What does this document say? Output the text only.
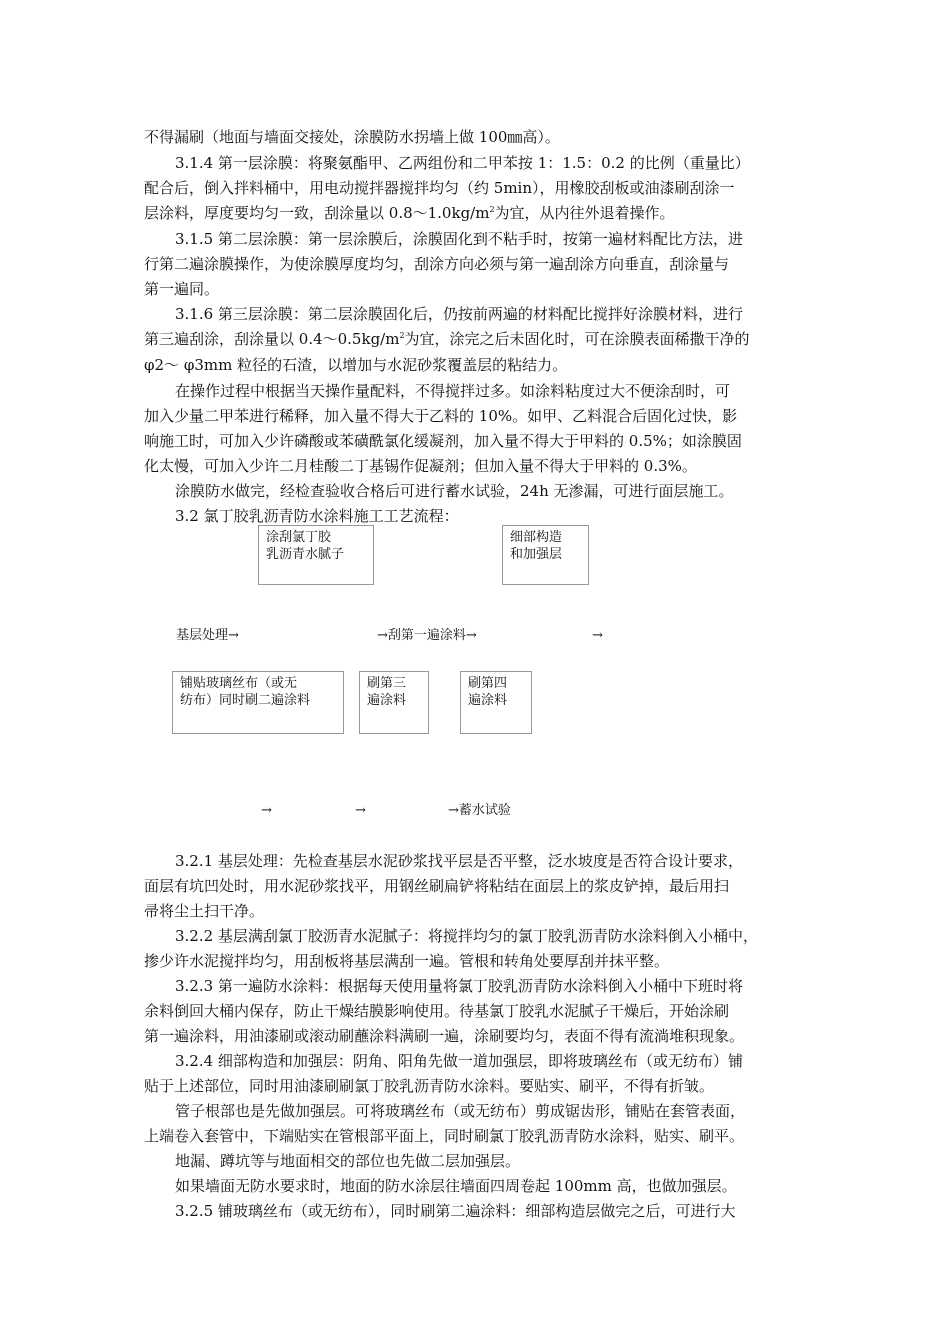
不得漏刷（地面与墙面交接处，涂膜防水拐墙上做 100㎜高）。
3.1.4 第一层涂膜：将聚氨酯甲、乙两组份和二甲苯按 1：1.5：0.2 的比例（重量比）
配合后，倒入拌料桶中，用电动搅拌器搅拌均匀（约 5min），用橡胶刮板或油漆刷刮涂一
层涂料，厚度要均匀一致，刮涂量以 $0.8\sim 1.0kg/m^2$为宜，从内往外退着操作。
3.1.5 第二层涂膜：第一层涂膜后，涂膜固化到不粘手时，按第一遍材料配比方法，进
行第二遍涂膜操作，为使涂膜厚度均匀，刮涂方向必须与第一遍刮涂方向垂直，刮涂量与
第一遍同。
3.1.6 第三层涂膜：第二层涂膜固化后，仍按前两遍的材料配比搅拌好涂膜材料，进行
第三遍刮涂，刮涂量以 $0.4\sim 0.5kg/m^2$为宜，涂完之后未固化时，可在涂膜表面稀撒干净的
φ2～ φ3mm 粒径的石渣，以增加与水泥砂浆覆盖层的粘结力。
在操作过程中根据当天操作量配料，不得搅拌过多。如涂料粘度过大不便涂刮时，可
加入少量二甲苯进行稀释，加入量不得大于乙料的 10%。如甲、乙料混合后固化过快，影
响施工时，可加入少许磷酸或苯磺酰氯化缓凝剂，加入量不得大于甲料的 0.5%；如涂膜固
化太慢，可加入少许二月桂酸二丁基锡作促凝剂；但加入量不得大于甲料的 0.3%。
涂膜防水做完，经检查验收合格后可进行蓄水试验，24h 无渗漏，可进行面层施工。
3.2 氯丁胶乳沥青防水涂料施工工艺流程：
涂刮氯丁胶
乳沥青水腻子
细部构造
和加强层
基层处理→	→刮第一遍涂料→	→
铺贴玻璃丝布（或无
纺布）同时刷二遍涂料
刷第三
遍涂料
刷第四
遍涂料
→	→	→蓄水试验
3.2.1 基层处理：先检查基层水泥砂浆找平层是否平整，泛水坡度是否符合设计要求，
面层有坑凹处时，用水泥砂浆找平，用钢丝刷扁铲将粘结在面层上的浆皮铲掉，最后用扫
帚将尘土扫干净。
3.2.2 基层满刮氯丁胶沥青水泥腻子：将搅拌均匀的氯丁胶乳沥青防水涂料倒入小桶中，
掺少许水泥搅拌均匀，用刮板将基层满刮一遍。管根和转角处要厚刮并抹平整。
3.2.3 第一遍防水涂料：根据每天使用量将氯丁胶乳沥青防水涂料倒入小桶中下班时将
余料倒回大桶内保存，防止干燥结膜影响使用。待基氯丁胶乳水泥腻子干燥后，开始涂刷
第一遍涂料，用油漆刷或滚动刷蘸涂料满刷一遍，涂刷要均匀，表面不得有流淌堆积现象。
3.2.4 细部构造和加强层：阴角、阳角先做一道加强层，即将玻璃丝布（或无纺布）铺
贴于上述部位，同时用油漆刷刷氯丁胶乳沥青防水涂料。要贴实、刷平，不得有折皱。
管子根部也是先做加强层。可将玻璃丝布（或无纺布）剪成锯齿形，铺贴在套管表面，
上端卷入套管中，下端贴实在管根部平面上，同时刷氯丁胶乳沥青防水涂料，贴实、刷平。
地漏、蹲坑等与地面相交的部位也先做二层加强层。
如果墙面无防水要求时，地面的防水涂层往墙面四周卷起 100mm 高，也做加强层。
3.2.5 铺玻璃丝布（或无纺布），同时刷第二遍涂料：细部构造层做完之后，可进行大
